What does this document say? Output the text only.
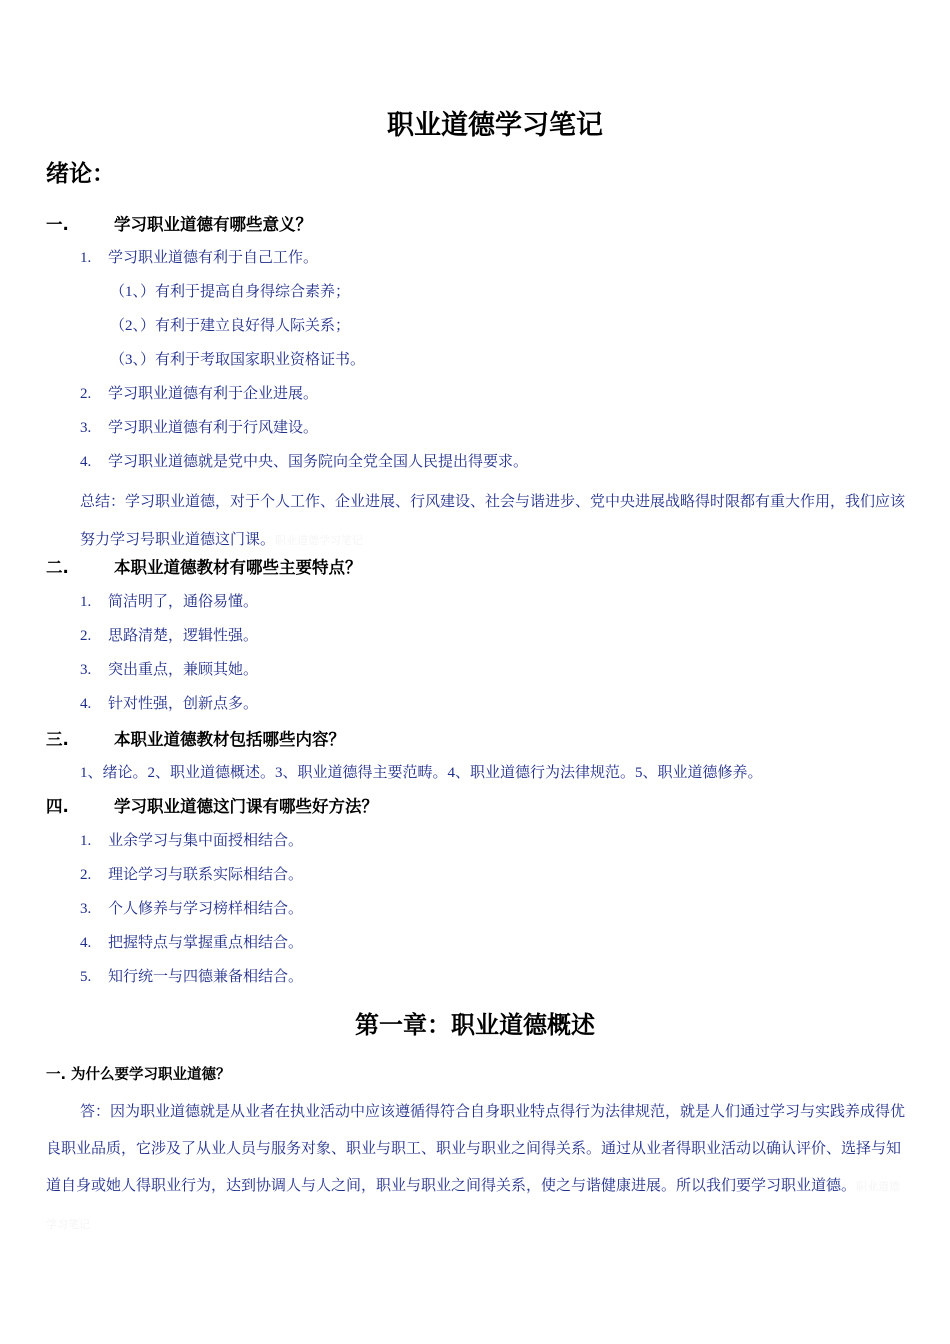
职业道德学习笔记
绪论：
一.	学习职业道德有哪些意义？
1. 学习职业道德有利于自己工作。
（1、）有利于提高自身得综合素养；
（2、）有利于建立良好得人际关系；
（3、）有利于考取国家职业资格证书。
2. 学习职业道德有利于企业进展。
3. 学习职业道德有利于行风建设。
4. 学习职业道德就是党中央、国务院向全党全国人民提出得要求。

总结：学习职业道德，对于个人工作、企业进展、行风建设、社会与谐进步、党中央进展战略得时限都有重大作用，我们应该努力学习号职业道德这门课。职业道德学习笔记

二.	本职业道德教材有哪些主要特点？
1. 简洁明了，通俗易懂。
2. 思路清楚，逻辑性强。
3. 突出重点，兼顾其她。
4. 针对性强，创新点多。
三.	本职业道德教材包括哪些内容？
1、绪论。2、职业道德概述。3、职业道德得主要范畴。4、职业道德行为法律规范。5、职业道德修养。
四.	学习职业道德这门课有哪些好方法？
1. 业余学习与集中面授相结合。
2. 理论学习与联系实际相结合。
3. 个人修养与学习榜样相结合。
4. 把握特点与掌握重点相结合。
5. 知行统一与四德兼备相结合。
第一章：职业道德概述
一. 为什么要学习职业道德？

答：因为职业道德就是从业者在执业活动中应该遵循得符合自身职业特点得行为法律规范，就是人们通过学习与实践养成得优良职业品质，它涉及了从业人员与服务对象、职业与职工、职业与职业之间得关系。通过从业者得职业活动以确认评价、选择与知道自身或她人得职业行为，达到协调人与人之间，职业与职业之间得关系，使之与谐健康进展。所以我们要学习职业道德。职业道德学习笔记
